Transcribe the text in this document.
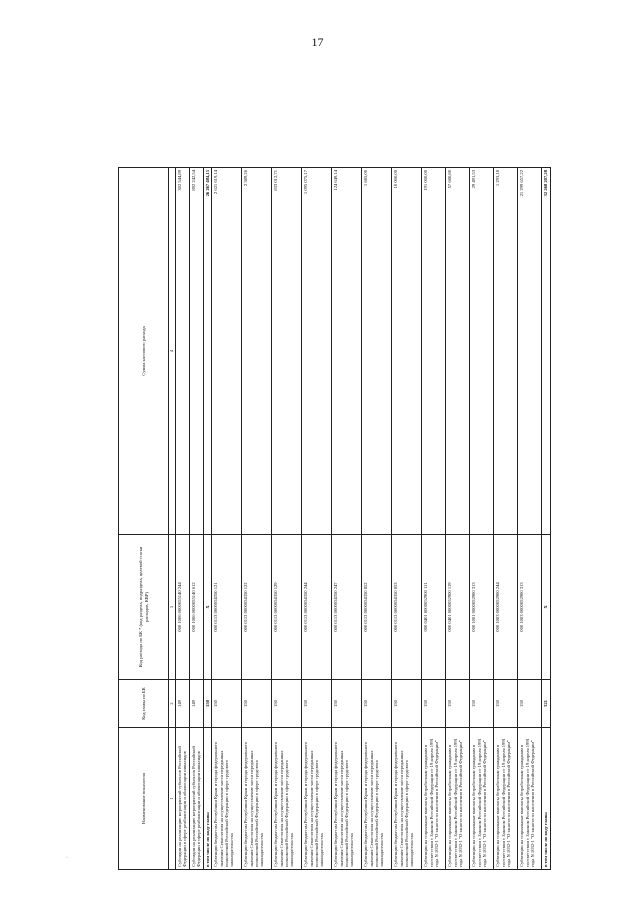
17
Наименование показателя	Код главы по БК	Код расхода по БК * (код раздела, подраздела, целевой статьи расходов, КВР)	Сумма кассового расхода
1	2	3	4
Субсидии на реализацию мероприятий субъектов Российской Федерации в сфере реабилитации и абилитации инвалидов	149	000 1006 0000055140 244	302 544,89
Субсидии на реализацию мероприятий субъектов Российской Федерации в сфере реабилитации и абилитации инвалидов	149	000 1006 0000055140 612	892 242,54
в том числе по коду главы	150	Х	26 267 484,15
Субвенции бюджетам Республики Крым и города федерального значения Севастополя на осуществление части переданных полномочий Российской Федерации в сфере трудового законодательства	150	000 0113 0000054350 121	2 621 619,14
Субвенции бюджетам Республики Крым и города федерального значения Севастополя на осуществление части переданных полномочий Российской Федерации в сфере трудового законодательства	150	000 0113 0000054350 122	2 389,26
Субвенции бюджетам Республики Крым и города федерального значения Севастополя на осуществление части переданных полномочий Российской Федерации в сфере трудового законодательства	150	000 0113 0000054350 129	833 012,71
Субвенции бюджетам Республики Крым и города федерального значения Севастополя на осуществление части переданных полномочий Российской Федерации в сфере трудового законодательства	150	000 0113 0000054350 244	1 095 075,17
Субвенции бюджетам Республики Крым и города федерального значения Севастополя на осуществление части переданных полномочий Российской Федерации в сфере трудового законодательства	150	000 0113 0000054350 247	124 649,14
Субвенции бюджетам Республики Крым и города федерального значения Севастополя на осуществление части переданных полномочий Российской Федерации в сфере трудового законодательства	150	000 0113 0000054350 852	1 685,00
Субвенции бюджетам Республики Крым и города федерального значения Севастополя на осуществление части переданных полномочий Российской Федерации в сфере трудового законодательства	150	000 0113 0000054350 853	10 000,00
Субвенции на социальные выплаты безработным гражданам в соответствии с Законом Российской Федерации от 19 апреля 1991 года N 1032-1 "О занятости населения в Российской Федерации"	150	000 0401 0000052900 111	191 000,00
Субвенции на социальные выплаты безработным гражданам в соответствии с Законом Российской Федерации от 19 апреля 1991 года N 1032-1 "О занятости населения в Российской Федерации"	150	000 0401 0000052900 119	57 680,80
Субвенции на социальные выплаты безработным гражданам в соответствии с Законом Российской Федерации от 19 апреля 1991 года N 1032-1 "О занятости населения в Российской Федерации"	150	000 1001 0000052900 313	29 491,53
Субвенции на социальные выплаты безработным гражданам в соответствии с Законом Российской Федерации от 19 апреля 1991 года N 1032-1 "О занятости населения в Российской Федерации"	150	000 1003 0000052900 244	1 293,18
Субвенции на социальные выплаты безработным гражданам в соответствии с Законом Российской Федерации от 19 апреля 1991 года N 1032-1 "О занятости населения в Российской Федерации"	150	000 1003 0000052900 313	21 299 657,22
в том числе по коду главы	321	Х	32 268 207,28
·
